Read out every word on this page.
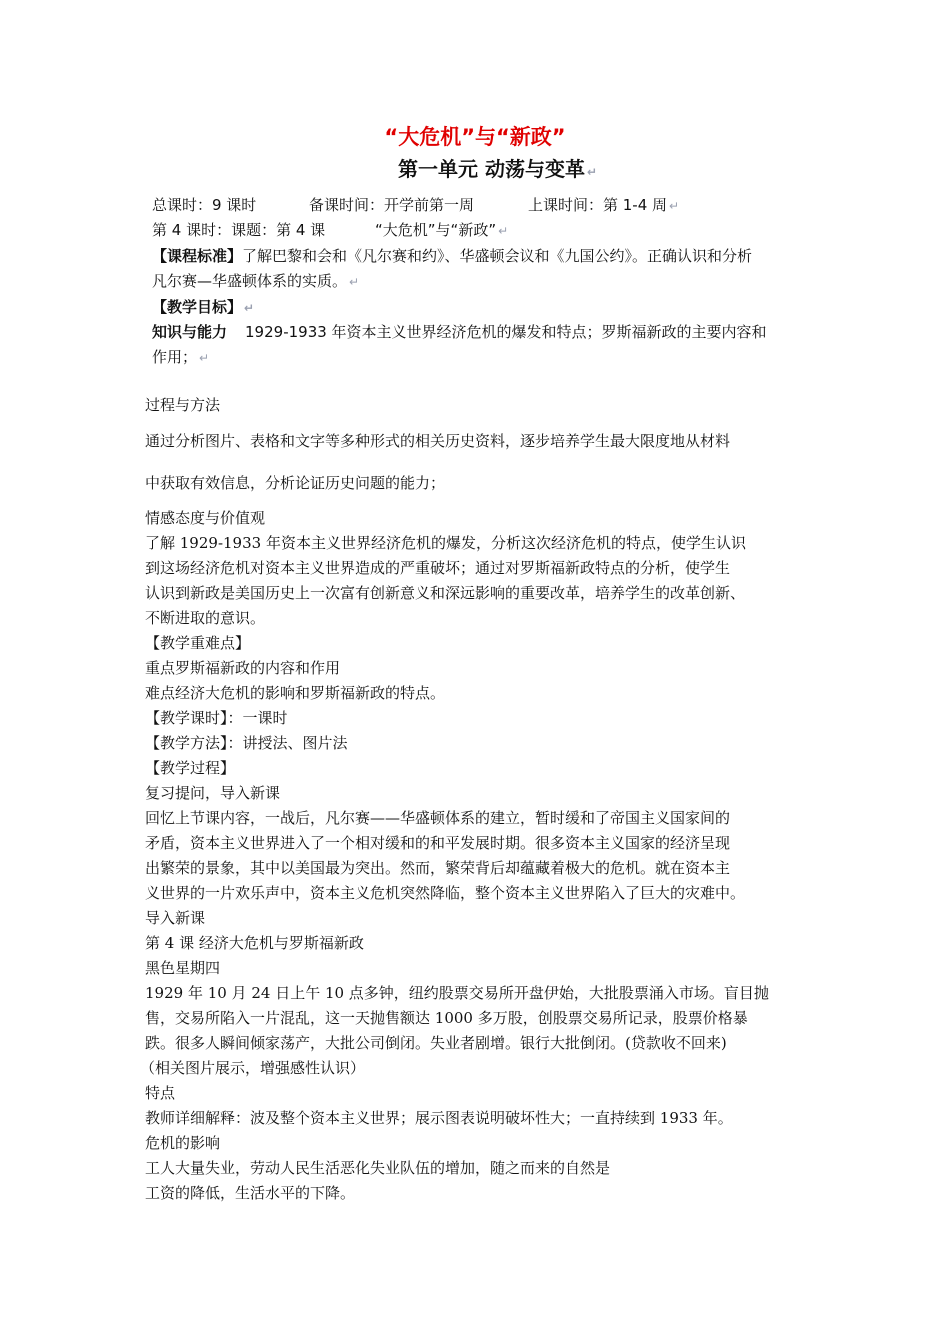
“大危机”与“新政”
第一单元 动荡与变革 ↵
总课时：9 课时	备课时间：开学前第一周	上课时间：第 1-4 周 ↵
第 4 课时：课题：第 4 课	“大危机”与“新政” ↵
【课程标准】了解巴黎和会和《凡尔赛和约》、华盛顿会议和《九国公约》。正确认识和分析
凡尔赛—华盛顿体系的实质。 ↵
【教学目标】 ↵
知识与能力 1929-1933 年资本主义世界经济危机的爆发和特点；罗斯福新政的主要内容和
作用； ↵
过程与方法
通过分析图片、表格和文字等多种形式的相关历史资料，逐步培养学生最大限度地从材料
中获取有效信息，分析论证历史问题的能力；
情感态度与价值观
了解 1929-1933 年资本主义世界经济危机的爆发，分析这次经济危机的特点，使学生认识
到这场经济危机对资本主义世界造成的严重破坏；通过对罗斯福新政特点的分析，使学生
认识到新政是美国历史上一次富有创新意义和深远影响的重要改革，培养学生的改革创新、
不断进取的意识。
【教学重难点】
重点罗斯福新政的内容和作用
难点经济大危机的影响和罗斯福新政的特点。
【教学课时】：一课时
【教学方法】：讲授法、图片法
【教学过程】
复习提问，导入新课
回忆上节课内容，一战后，凡尔赛——华盛顿体系的建立，暂时缓和了帝国主义国家间的
矛盾，资本主义世界进入了一个相对缓和的和平发展时期。很多资本主义国家的经济呈现
出繁荣的景象，其中以美国最为突出。然而，繁荣背后却蕴藏着极大的危机。就在资本主
义世界的一片欢乐声中，资本主义危机突然降临，整个资本主义世界陷入了巨大的灾难中。
导入新课
第 4 课 经济大危机与罗斯福新政
黑色星期四
1929 年 10 月 24 日上午 10 点多钟，纽约股票交易所开盘伊始，大批股票涌入市场。盲目抛
售，交易所陷入一片混乱，这一天抛售额达 1000 多万股，创股票交易所记录，股票价格暴
跌。很多人瞬间倾家荡产，大批公司倒闭。失业者剧增。银行大批倒闭。(贷款收不回来)
（相关图片展示，增强感性认识）
特点
教师详细解释：波及整个资本主义世界；展示图表说明破坏性大；一直持续到 1933 年。
危机的影响
工人大量失业，劳动人民生活恶化失业队伍的增加，随之而来的自然是
工资的降低，生活水平的下降。
